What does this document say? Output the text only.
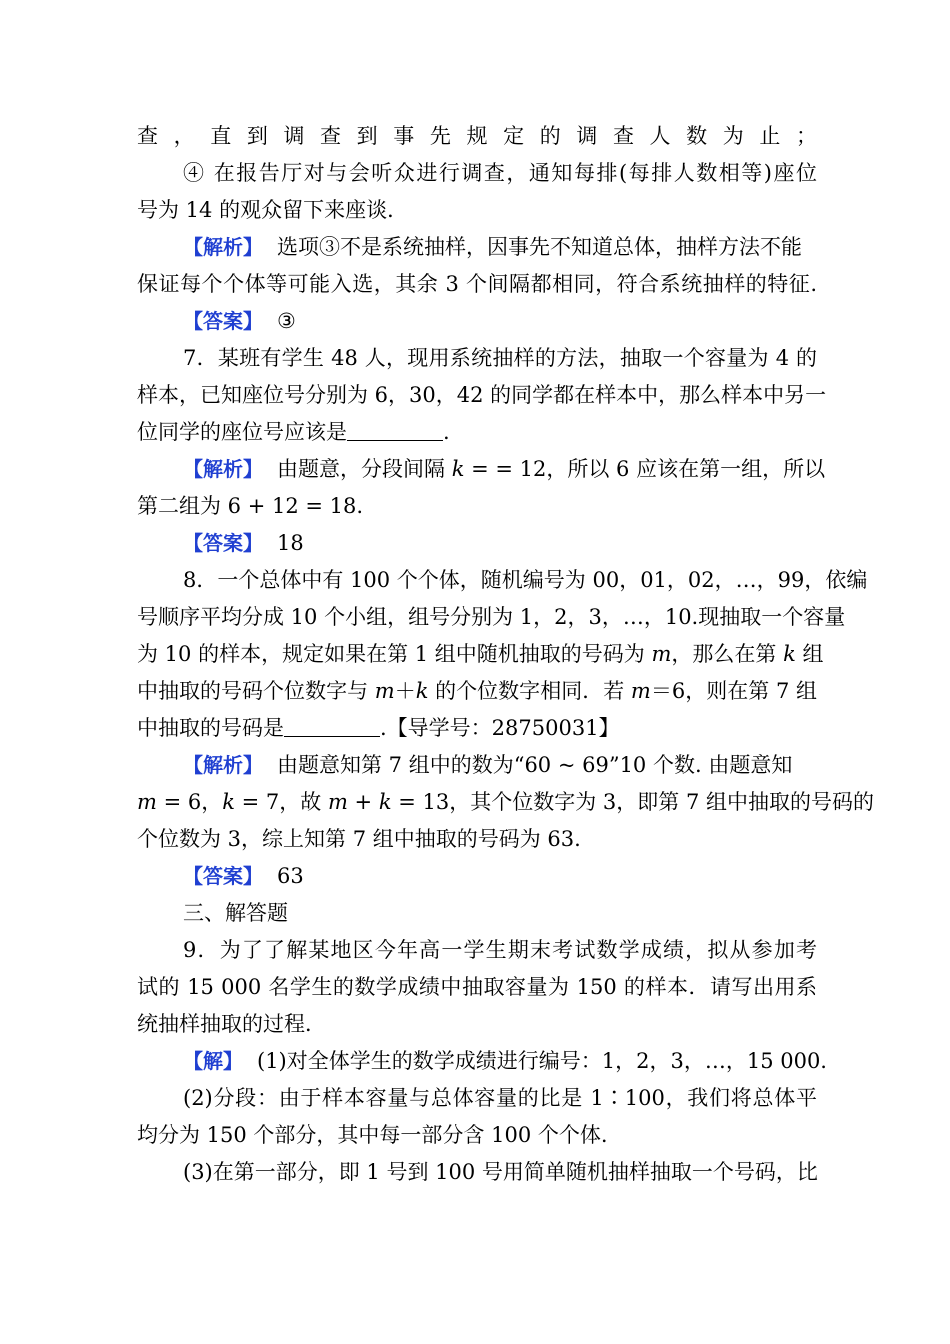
查，直到调查到事先规定的调查人数为止；
④ 在报告厅对与会听众进行调查，通知每排(每排人数相等)座位
号为 14 的观众留下来座谈．
【解析】 选项③不是系统抽样，因事先不知道总体，抽样方法不能
保证每个个体等可能入选，其余 3 个间隔都相同，符合系统抽样的特征.
【答案】 ③
7．某班有学生 48 人，现用系统抽样的方法，抽取一个容量为 4 的
样本，已知座位号分别为 6，30，42 的同学都在样本中，那么样本中另一
位同学的座位号应该是	.
【解析】 由题意，分段间隔 k = = 12，所以 6 应该在第一组，所以
第二组为 6 + 12 = 18.
【答案】 18
8．一个总体中有 100 个个体，随机编号为 00，01，02，…，99，依编
号顺序平均分成 10 个小组，组号分别为 1，2，3，…，10.现抽取一个容量
为 10 的样本，规定如果在第 1 组中随机抽取的号码为 m，那么在第 k 组
中抽取的号码个位数字与 m＋k 的个位数字相同．若 m＝6，则在第 7 组
中抽取的号码是	.【导学号：28750031】
【解析】 由题意知第 7 组中的数为“60 ~ 69”10 个数. 由题意知
m = 6，k = 7，故 m + k = 13，其个位数字为 3，即第 7 组中抽取的号码的
个位数为 3，综上知第 7 组中抽取的号码为 63.
【答案】 63
三、解答题
9．为了了解某地区今年高一学生期末考试数学成绩，拟从参加考
试的 15 000 名学生的数学成绩中抽取容量为 150 的样本．请写出用系
统抽样抽取的过程．
【解】 (1)对全体学生的数学成绩进行编号：1，2，3，…，15 000.
(2)分段：由于样本容量与总体容量的比是 1∶100，我们将总体平
均分为 150 个部分，其中每一部分含 100 个个体.
(3)在第一部分，即 1 号到 100 号用简单随机抽样抽取一个号码，比
